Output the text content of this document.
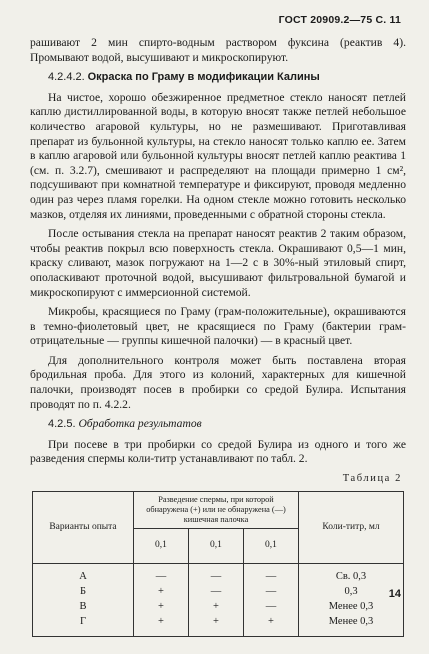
ГОСТ 20909.2—75 С. 11

рашивают 2 мин спирто-водным раствором фуксина (реактив 4). Промывают водой, высушивают и микроскопируют.

4.2.4.2. Окраска по Граму в модификации Калины

На чистое, хорошо обезжиренное предметное стекло наносят петлей каплю дистиллированной воды, в которую вносят также петлей небольшое количество агаровой культуры, но не размешивают. Приготавливая препарат из бульонной культуры, на стекло наносят только каплю ее. Затем в каплю агаровой или бульонной культуры вносят петлей каплю реактива 1 (см. п. 3.2.7), смешивают и распределяют на площади примерно 1 см², подсушивают при комнатной температуре и фиксируют, проводя медленно один раз через пламя горелки. На одном стекле можно готовить несколько мазков, отделяя их линиями, проведенными с обратной стороны стекла.

После остывания стекла на препарат наносят реактив 2 таким образом, чтобы реактив покрыл всю поверхность стекла. Окрашивают 0,5—1 мин, краску сливают, мазок погружают на 1—2 с в 30%-ный этиловый спирт, ополаскивают проточной водой, высушивают фильтровальной бумагой и микроскопируют с иммерсионной системой.

Микробы, красящиеся по Граму (грам-положительные), окрашиваются в темно-фиолетовый цвет, не красящиеся по Граму (бактерии грам-отрицательные — группы кишечной палочки) — в красный цвет.

Для дополнительного контроля может быть поставлена вторая бродильная проба. Для этого из колоний, характерных для кишечной палочки, производят посев в пробирки со средой Булира. Испытания проводят по п. 4.2.2.

4.2.5. Обработка результатов

При посеве в три пробирки со средой Булира из одного и того же разведения спермы коли-титр устанавливают по табл. 2.

Таблица 2
Варианты опыта	Разведение спермы, при которой обнаружена (+) или не обнаружена (—) кишечная палочка			Коли-титр, мл
	0,1	0,1	0,1	
А	—	—	—	Св. 0,3
Б	+	—	—	0,3
В	+	+	—	Менее 0,3
Г	+	+	+	Менее 0,3
14
